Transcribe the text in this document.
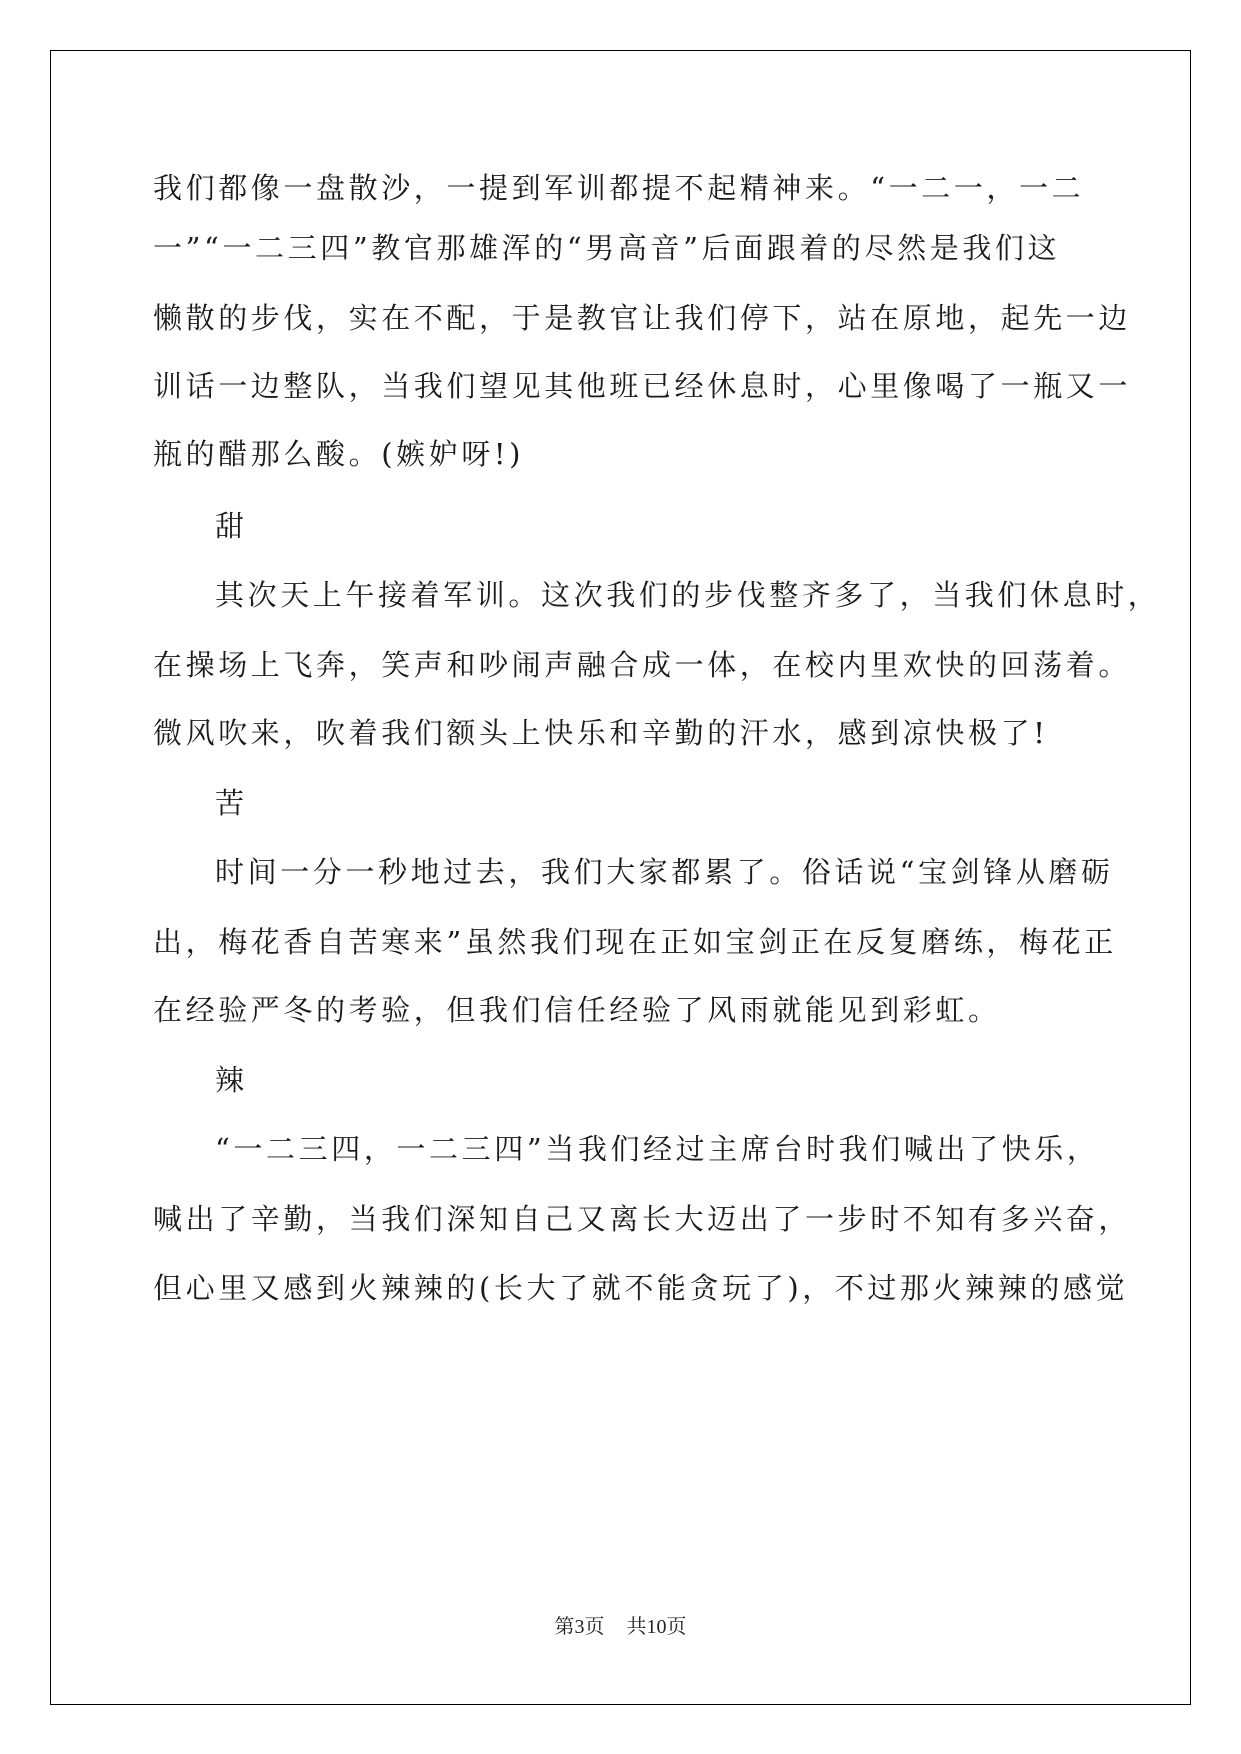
我们都像一盘散沙，一提到军训都提不起精神来。“一二一，一二
一”“一二三四”教官那雄浑的“男高音”后面跟着的尽然是我们这
懒散的步伐，实在不配，于是教官让我们停下，站在原地，起先一边
训话一边整队，当我们望见其他班已经休息时，心里像喝了一瓶又一
瓶的醋那么酸。(嫉妒呀!)
甜
其次天上午接着军训。这次我们的步伐整齐多了，当我们休息时，
在操场上飞奔，笑声和吵闹声融合成一体，在校内里欢快的回荡着。
微风吹来，吹着我们额头上快乐和辛勤的汗水，感到凉快极了!
苦
时间一分一秒地过去，我们大家都累了。俗话说“宝剑锋从磨砺
出，梅花香自苦寒来”虽然我们现在正如宝剑正在反复磨练，梅花正
在经验严冬的考验，但我们信任经验了风雨就能见到彩虹。
辣
“一二三四，一二三四”当我们经过主席台时我们喊出了快乐，
喊出了辛勤，当我们深知自己又离长大迈出了一步时不知有多兴奋，
但心里又感到火辣辣的(长大了就不能贪玩了)，不过那火辣辣的感觉
第3页 共10页
